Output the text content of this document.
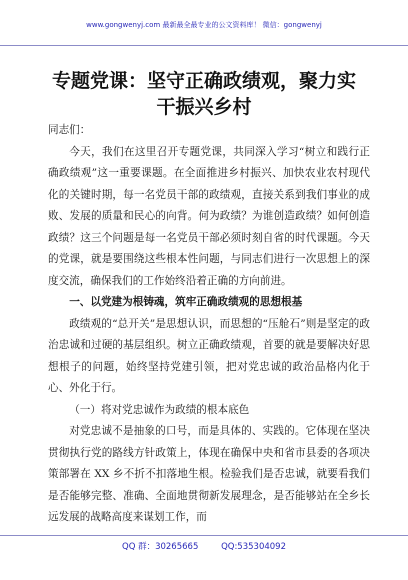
www.gongwenyj.com 最新最全最专业的公文资料库！ 微信：gongwenyj
专题党课：坚守正确政绩观，聚力实干振兴乡村

同志们：

今天，我们在这里召开专题党课，共同深入学习“树立和践行正确政绩观”这一重要课题。在全面推进乡村振兴、加快农业农村现代化的关键时期，每一名党员干部的政绩观，直接关系到我们事业的成败、发展的质量和民心的向背。何为政绩？为谁创造政绩？如何创造政绩？这三个问题是每一名党员干部必须时刻自省的时代课题。今天的党课，就是要围绕这些根本性问题，与同志们进行一次思想上的深度交流，确保我们的工作始终沿着正确的方向前进。

一、以党建为根铸魂，筑牢正确政绩观的思想根基

政绩观的“总开关”是思想认识，而思想的“压舱石”则是坚定的政治忠诚和过硬的基层组织。树立正确政绩观，首要的就是要解决好思想根子的问题，始终坚持党建引领，把对党忠诚的政治品格内化于心、外化于行。

（一）将对党忠诚作为政绩的根本底色

对党忠诚不是抽象的口号，而是具体的、实践的。它体现在坚决贯彻执行党的路线方针政策上，体现在确保中央和省市县委的各项决策部署在 XX 乡不折不扣落地生根。检验我们是否忠诚，就要看我们是否能够完整、准确、全面地贯彻新发展理念，是否能够站在全乡长远发展的战略高度来谋划工作，而

QQ 群：30265665	QQ:535304092
